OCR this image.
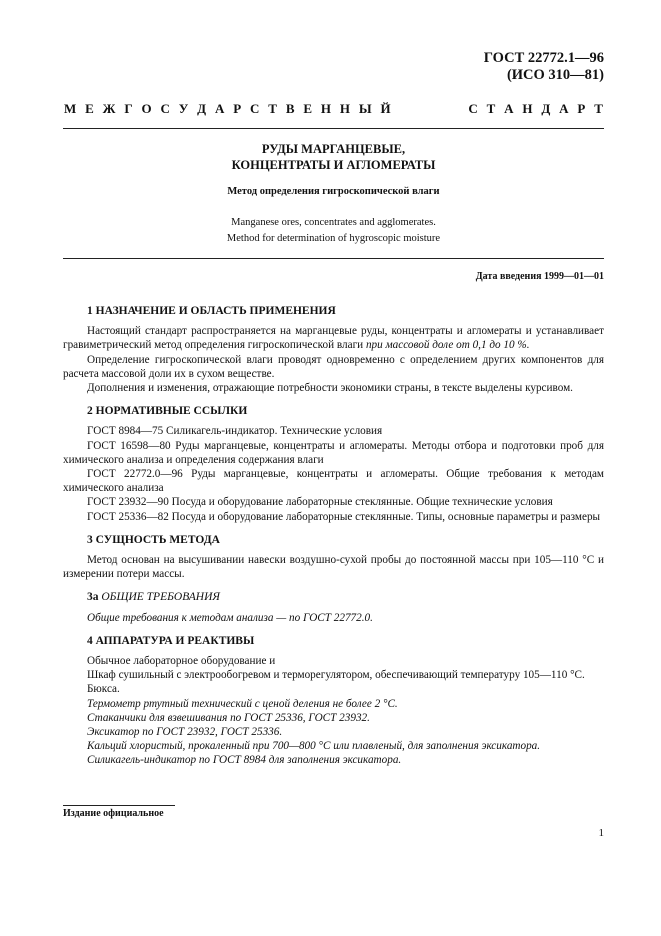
ГОСТ 22772.1—96
(ИСО 310—81)
М Е Ж Г О С У Д А Р С Т В Е Н Н Ы Й	С Т А Н Д А Р Т
РУДЫ МАРГАНЦЕВЫЕ,
КОНЦЕНТРАТЫ И АГЛОМЕРАТЫ
Метод определения гигроскопической влаги
Manganese ores, concentrates and agglomerates.
Method for determination of hygroscopic moisture
Дата введения 1999—01—01
1 НАЗНАЧЕНИЕ И ОБЛАСТЬ ПРИМЕНЕНИЯ

Настоящий стандарт распространяется на марганцевые руды, концентраты и агломераты и устанавливает гравиметрический метод определения гигроскопической влаги при массовой доле от 0,1 до 10 %.

Определение гигроскопической влаги проводят одновременно с определением других компонентов для расчета массовой доли их в сухом веществе.

Дополнения и изменения, отражающие потребности экономики страны, в тексте выделены курсивом.

2 НОРМАТИВНЫЕ ССЫЛКИ

ГОСТ 8984—75 Силикагель-индикатор. Технические условия

ГОСТ 16598—80 Руды марганцевые, концентраты и агломераты. Методы отбора и подготовки проб для химического анализа и определения содержания влаги

ГОСТ 22772.0—96 Руды марганцевые, концентраты и агломераты. Общие требования к методам химического анализа

ГОСТ 23932—90 Посуда и оборудование лабораторные стеклянные. Общие технические условия

ГОСТ 25336—82 Посуда и оборудование лабораторные стеклянные. Типы, основные параметры и размеры

3 СУЩНОСТЬ МЕТОДА

Метод основан на высушивании навески воздушно-сухой пробы до постоянной массы при 105—110 °С и измерении потери массы.

3а ОБЩИЕ ТРЕБОВАНИЯ

Общие требования к методам анализа — по ГОСТ 22772.0.

4 АППАРАТУРА И РЕАКТИВЫ

Обычное лабораторное оборудование и

Шкаф сушильный с электрообогревом и терморегулятором, обеспечивающий температуру 105—110 °С.

Бюкса.

Термометр ртутный технический с ценой деления не более 2 °С.

Стаканчики для взвешивания по ГОСТ 25336, ГОСТ 23932.

Эксикатор по ГОСТ 23932, ГОСТ 25336.

Кальций хлористый, прокаленный при 700—800 °С или плавленый, для заполнения эксикатора.

Силикагель-индикатор по ГОСТ 8984 для заполнения эксикатора.

Издание официальное
1
